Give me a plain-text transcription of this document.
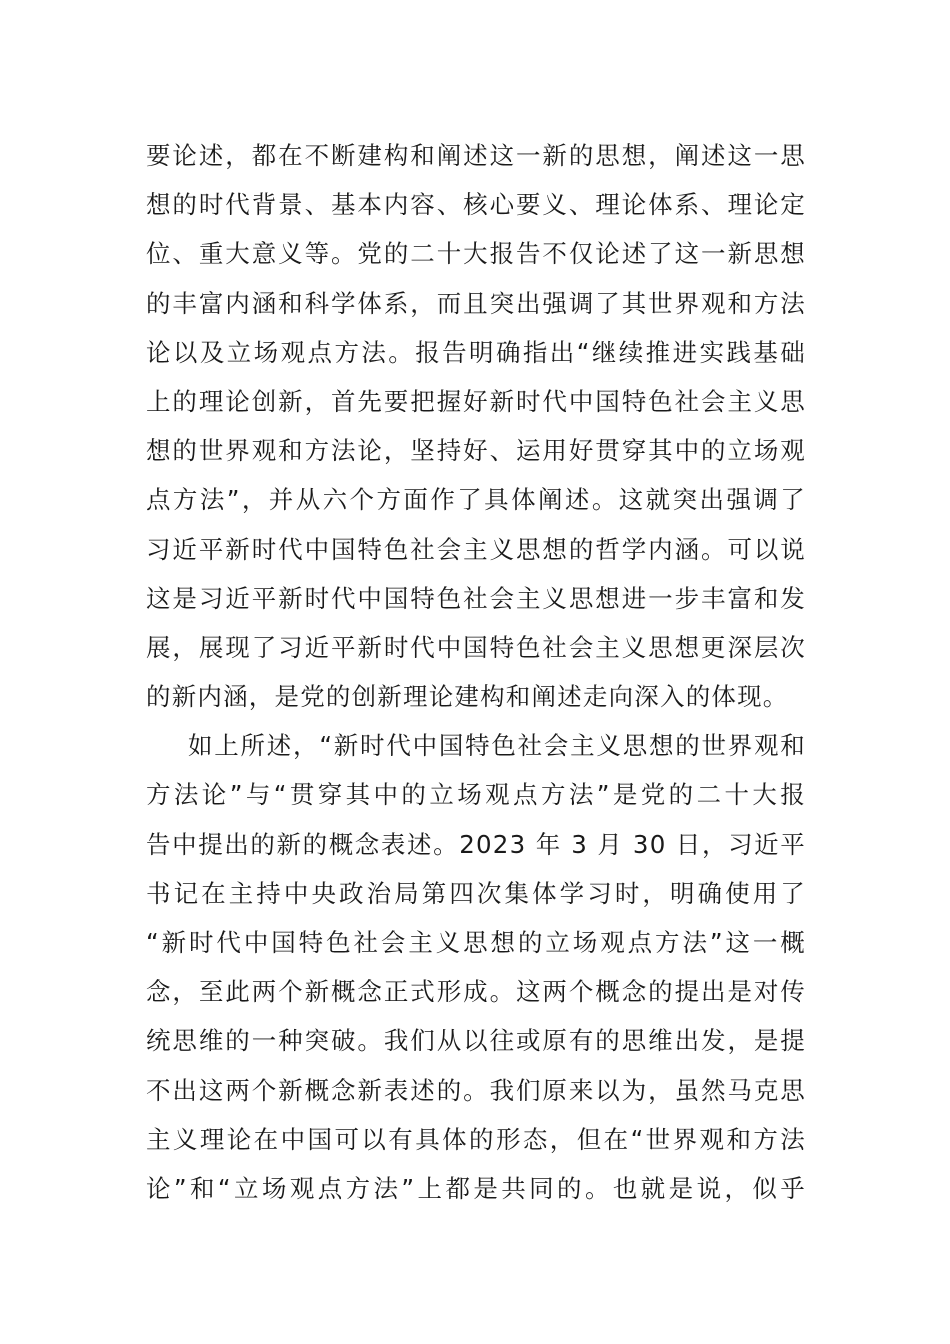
要论述，都在不断建构和阐述这一新的思想，阐述这一思
想的时代背景、基本内容、核心要义、理论体系、理论定
位、重大意义等。党的二十大报告不仅论述了这一新思想
的丰富内涵和科学体系，而且突出强调了其世界观和方法
论以及立场观点方法。报告明确指出“继续推进实践基础
上的理论创新，首先要把握好新时代中国特色社会主义思
想的世界观和方法论，坚持好、运用好贯穿其中的立场观
点方法”，并从六个方面作了具体阐述。这就突出强调了
习近平新时代中国特色社会主义思想的哲学内涵。可以说
这是习近平新时代中国特色社会主义思想进一步丰富和发
展，展现了习近平新时代中国特色社会主义思想更深层次
的新内涵，是党的创新理论建构和阐述走向深入的体现。
如上所述，“新时代中国特色社会主义思想的世界观和
方法论”与“贯穿其中的立场观点方法”是党的二十大报
告中提出的新的概念表述。2023 年 3 月 30 日，习近平
书记在主持中央政治局第四次集体学习时，明确使用了
“新时代中国特色社会主义思想的立场观点方法”这一概
念，至此两个新概念正式形成。这两个概念的提出是对传
统思维的一种突破。我们从以往或原有的思维出发，是提
不出这两个新概念新表述的。我们原来以为，虽然马克思
主义理论在中国可以有具体的形态，但在“世界观和方法
论”和“立场观点方法”上都是共同的。也就是说，似乎
